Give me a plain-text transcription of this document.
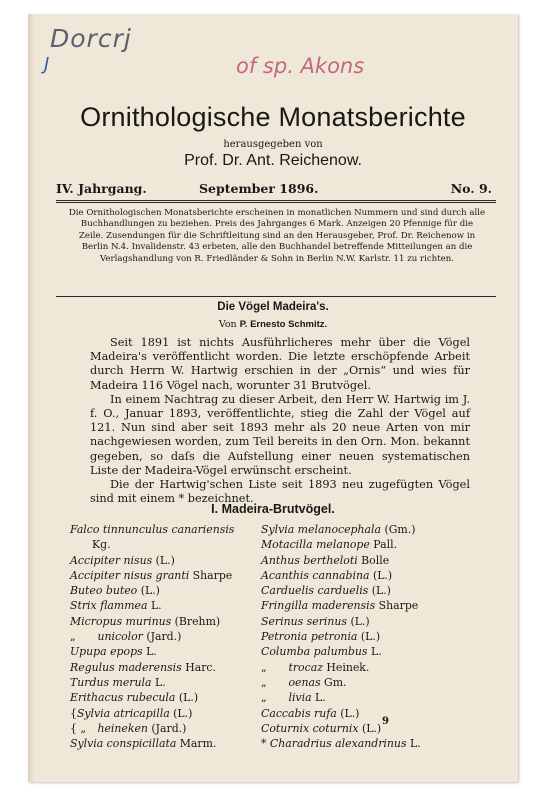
Dorcrj
J	of sp. Akons
Ornithologische Monatsberichte
herausgegeben von
Prof. Dr. Ant. Reichenow.
IV. Jahrgang.	September 1896.	No. 9.
Die Ornithologischen Monatsberichte erscheinen in monatlichen Nummern und sind durch alle Buchhandlungen zu beziehen. Preis des Jahrganges 6 Mark. Anzeigen 20 Pfennige für die Zeile. Zusendungen für die Schriftleitung sind an den Herausgeber, Prof. Dr. Reichenow in Berlin N.4. Invalidenstr. 43 erbeten, alle den Buchhandel betreffende Mitteilungen an die Verlagshandlung von R. Friedländer & Sohn in Berlin N.W. Karlstr. 11 zu richten.
Die Vögel Madeira's.
Von P. Ernesto Schmitz.

Seit 1891 ist nichts Ausführlicheres mehr über die Vögel Madeira's veröffentlicht worden. Die letzte erschöpfende Arbeit durch Herrn W. Hartwig erschien in der „Ornis“ und wies für Madeira 116 Vögel nach, worunter 31 Brutvögel.

In einem Nachtrag zu dieser Arbeit, den Herr W. Hartwig im J. f. O., Januar 1893, veröffentlichte, stieg die Zahl der Vögel auf 121. Nun sind aber seit 1893 mehr als 20 neue Arten von mir nachgewiesen worden, zum Teil bereits in den Orn. Mon. bekannt gegeben, so daſs die Aufstellung einer neuen systematischen Liste der Madeira-Vögel erwünscht erscheint.

Die der Hartwig'schen Liste seit 1893 neu zugefügten Vögel sind mit einem * bezeichnet.

I. Madeira-Brutvögel.
Falco tinnunculus canariensis
Kg.
Accipiter nisus (L.)
Accipiter nisus granti Sharpe
Buteo buteo (L.)
Strix flammea L.
Micropus murinus (Brehm)
„ unicolor (Jard.)
Upupa epops L.
Regulus maderensis Harc.
Turdus merula L.
Erithacus rubecula (L.)
{Sylvia atricapilla (L.)
{ „ heineken (Jard.)
Sylvia conspicillata Marm.
Sylvia melanocephala (Gm.)
Motacilla melanope Pall.
Anthus bertheloti Bolle
Acanthis cannabina (L.)
Carduelis carduelis (L.)
Fringilla maderensis Sharpe
Serinus serinus (L.)
Petronia petronia (L.)
Columba palumbus L.
„ trocaz Heinek.
„ oenas Gm.
„ livia L.
Caccabis rufa (L.)
Coturnix coturnix (L.)
* Charadrius alexandrinus L.
9
